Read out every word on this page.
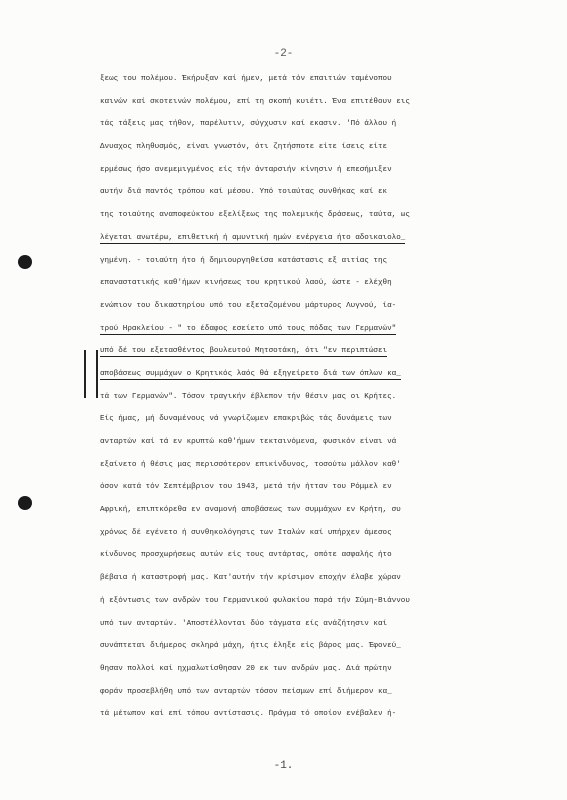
-2-
ξεως του πολέμου. Έκήρυξαν καί ήμεν, μετά τόν επαιτιών ταμένοπου
καινών καί σκοτεινών πολέμου, επί τη σκοπή κυιέτι. Ένα επιτέθουν εις
τάς τάξεις μας τήθον, παρέλυτιν, σύγχυσιν καί εκασιν. 'Πό άλλου ή
Δνυαχος πληθυσμός, είναι γνωστόν, ότι ζητήσποτε είτε ίσεις είτε
ερμέσως ήσο ανεμεμιγμένος είς τήν άνταρσιήν κίνησιν ή επεσήμιξεν
αυτήν διά παντός τρόπου καί μέσου. Υπό τοιαύτας συνθήκας καί εκ
της τοιαύτης αναποφεύκτου εξελίξεως της πολεμικής δράσεως, ταύτα, ως
λέγεται ανωτέρω, επιθετική ή αμυντική ημών ενέργεια ήτο αδοικαιολο_
γημένη. - τοιαύτη ήτο ή δημιουργηθείσα κατάστασις εξ αιτίας της
επαναστατικής καθ'ήμων κινήσεως του κρητικού λαού, ώστε - ελέχθη
ενώπιον του δικαστηρίου υπό του εξεταζομένου μάρτυρος Λυγνού, ία-
τρού Ηρακλείου - " το έδαφος εσείετο υπό τους πόδας των Γερμανών"
υπό δέ του εξετασθέντος βουλευτού Μητσοτάκη, ότι "εν περιπτώσει
αποβάσεως συμμάχων ο Κρητικός λαός θά εξηγείρετο διά των όπλων κα_
τά των Γερμανών". Τόσον τραγικήν έβλεπον τήν θέσιν μας οι Κρήτες.
Είς ήμας, μή δυναμένους νά γνωρίζωμεν επακριβώς τάς δυνάμεις των
ανταρτών καί τά εν κρυπτώ καθ'ήμων τεκταινόμενα, φυσικόν είναι νά
εξαίνετο ή θέσις μας περισσότερον επικίνδυνος, τοσούτω μάλλον καθ'
όσον κατά τόν Σεπτέμβριον του 1943, μετά τήν ήτταν του Ρόμμελ εν
Αφρική, επιπτκόρεθα εν αναμονή αποβάσεως των συμμάχων εν Κρήτη, συ
χρόνως δέ εγένετο ή συνθηκολόγησις των Ιταλών καί υπήρχεν άμεσος
κίνδυνος προσχωρήσεως αυτών είς τους αντάρτας, οπότε ασφαλής ήτο
βέβαια ή καταστροφή μας. Κατ'αυτήν τήν κρίσιμον εποχήν έλαβε χώραν
ή εξόντωσις των ανδρών του Γερμανικού φυλακίου παρά τήν Σύμη-Βιάννου
υπό των ανταρτών. 'Αποστέλλονται δύο τάγματα είς ανάζήτησιν καί
συνάπτεται διήμερος σκληρά μάχη, ήτις έληξε είς βάρος μας. Έφονεύ_
θησαν πολλοί καί ηχμαλωτίσθησαν 20 εκ των ανδρών μας. Διά πρώτην
φοράν προσεβλήθη υπό των ανταρτών τόσον πείσμων επί διήμερον κα_
τά μέτωπον καί επί τόπου αντίστασις. Πράγμα τό οποίον ενέβαλεν ή-
-1.
